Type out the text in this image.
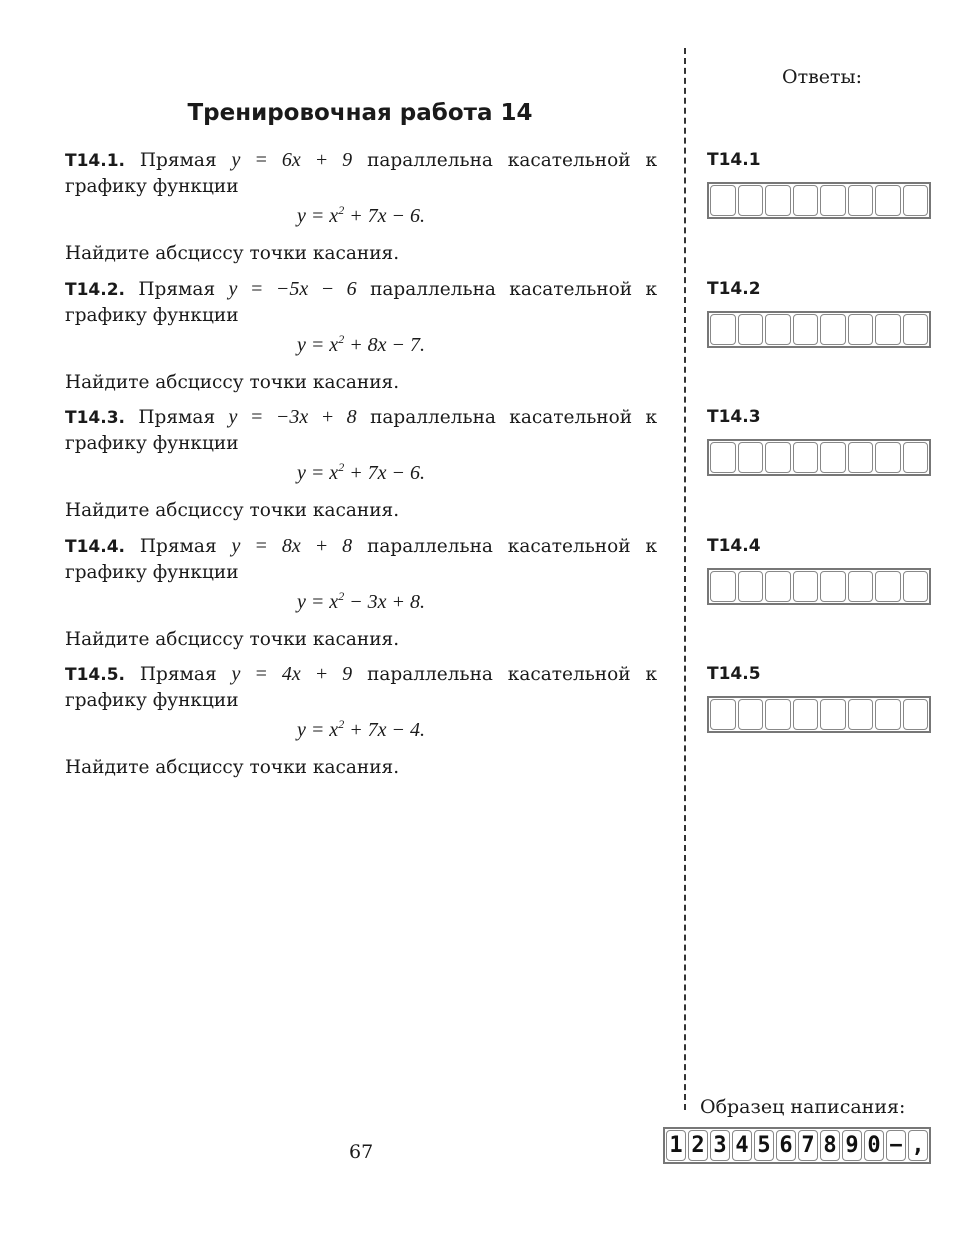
Тренировочная работа 14
T14.1. Прямая y = 6x + 9 параллельна касательной к графику функции
$y = x^2 + 7x - 6$.
Найдите абсциссу точки касания.
T14.2. Прямая y = −5x − 6 параллельна касательной к графику функции
$y = x^2 + 8x - 7$.
Найдите абсциссу точки касания.
T14.3. Прямая y = −3x + 8 параллельна касательной к графику функции
$y = x^2 + 7x - 6$.
Найдите абсциссу точки касания.
T14.4. Прямая y = 8x + 8 параллельна касательной к графику функции
$y = x^2 - 3x + 8$.
Найдите абсциссу точки касания.
T14.5. Прямая y = 4x + 9 параллельна касательной к графику функции
$y = x^2 + 7x - 4$.
Найдите абсциссу точки касания.
Ответы:
T14.1
T14.2
T14.3
T14.4
T14.5
Образец написания:
1 2 3 4 5 6 7 8 9 0 − ,
67
